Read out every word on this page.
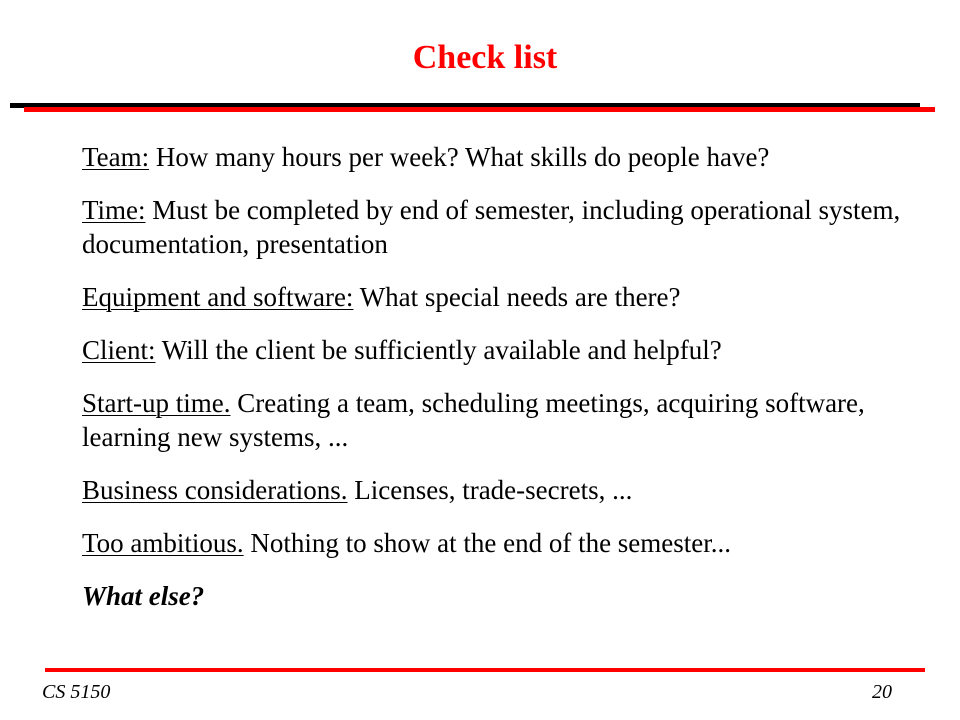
Check list
Team: How many hours per week? What skills do people have?
Time: Must be completed by end of semester, including operational system, documentation, presentation
Equipment and software: What special needs are there?
Client: Will the client be sufficiently available and helpful?
Start-up time. Creating a team, scheduling meetings, acquiring software, learning new systems, ...
Business considerations. Licenses, trade-secrets, ...
Too ambitious. Nothing to show at the end of the semester...
What else?
CS 5150	20
